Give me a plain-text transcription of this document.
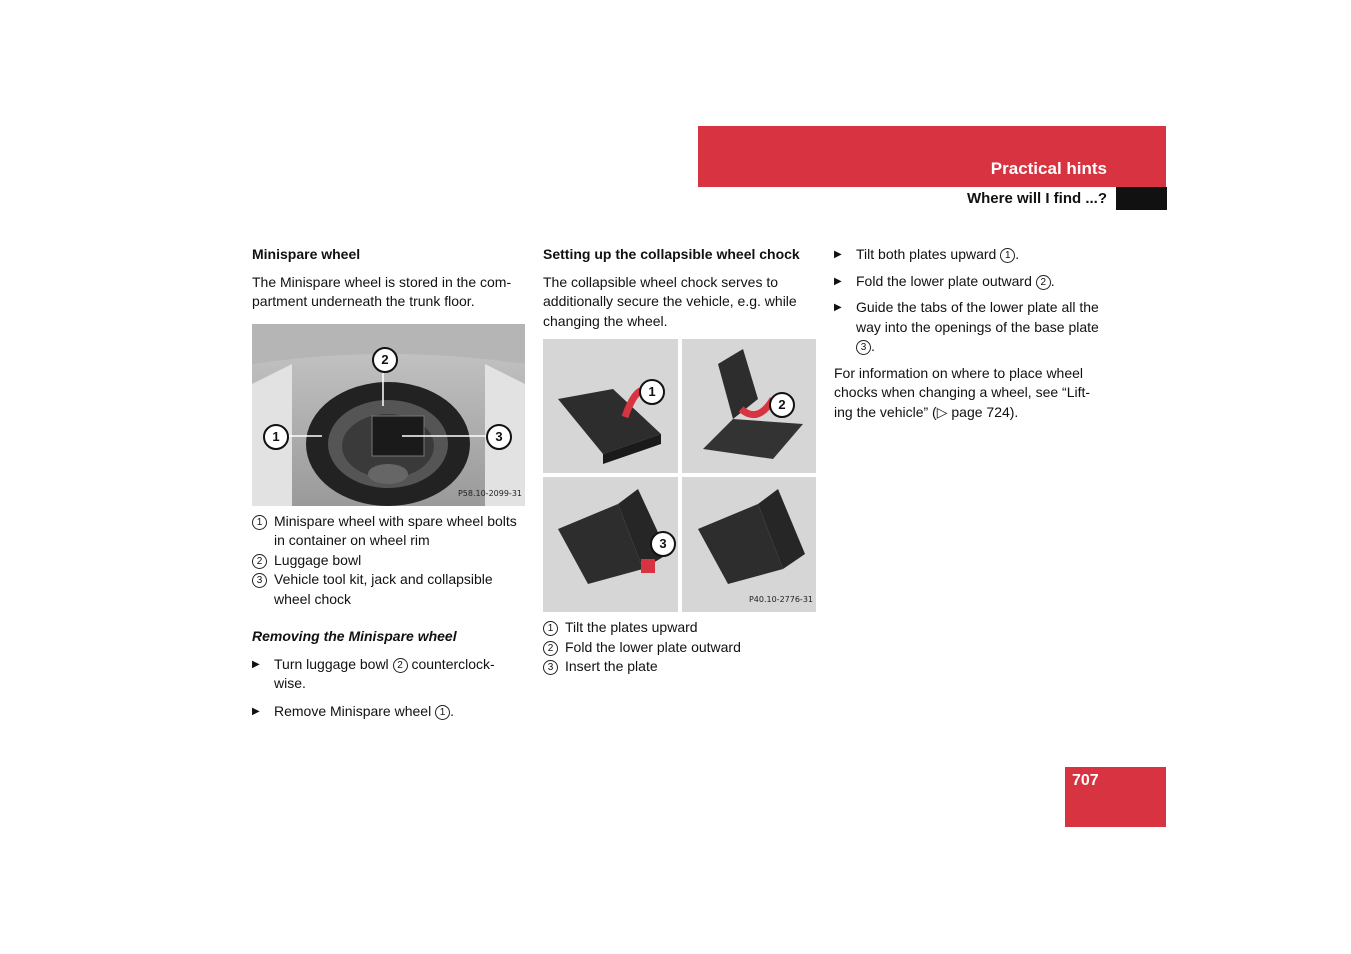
Practical hints
Where will I find ...?
Minispare wheel

The Minispare wheel is stored in the com-
partment underneath the trunk floor.

2
1	3
P58.10-2099-31
1 Minispare wheel with spare wheel bolts in container on wheel rim
2 Luggage bowl
3 Vehicle tool kit, jack and collapsible wheel chock
Removing the Minispare wheel
▶	Turn luggage bowl 2 counterclock-wise.
▶	Remove Minispare wheel 1 .
Setting up the collapsible wheel chock

The collapsible wheel chock serves to additionally secure the vehicle, e.g. while changing the wheel.

1
2
3
P40.10-2776-31
1 Tilt the plates upward
2 Fold the lower plate outward
3 Insert the plate
▶	Tilt both plates upward 1 .
▶	Fold the lower plate outward 2 .
▶	Guide the tabs of the lower plate all the way into the openings of the base plate 3 .

For information on where to place wheel chocks when changing a wheel, see “Lift-ing the vehicle” (▷ page 724).

707
